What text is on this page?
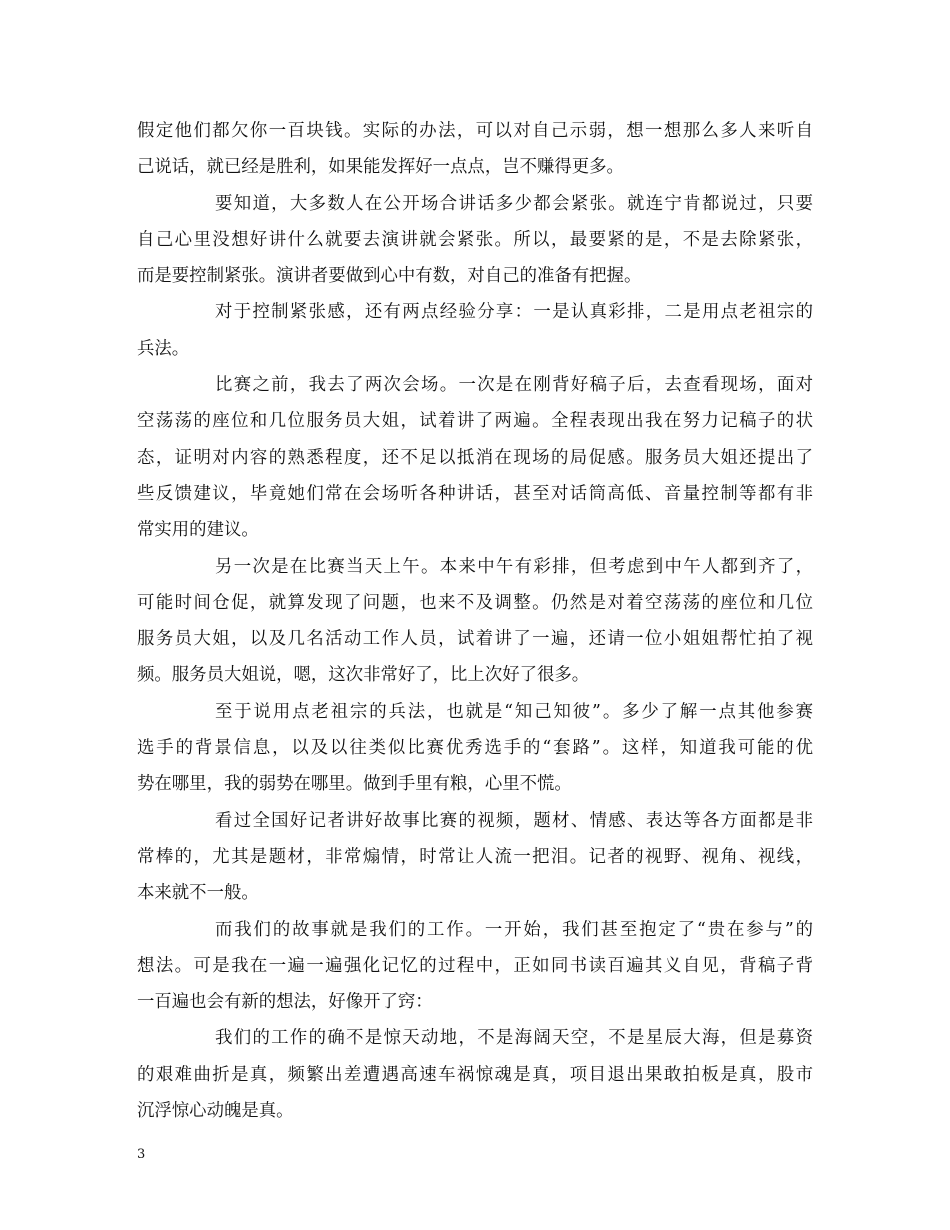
假定他们都欠你一百块钱。实际的办法，可以对自己示弱，想一想那么多人来听自
己说话，就已经是胜利，如果能发挥好一点点，岂不赚得更多。
要知道，大多数人在公开场合讲话多少都会紧张。就连宁肯都说过，只要
自己心里没想好讲什么就要去演讲就会紧张。所以，最要紧的是，不是去除紧张，
而是要控制紧张。演讲者要做到心中有数，对自己的准备有把握。
对于控制紧张感，还有两点经验分享：一是认真彩排，二是用点老祖宗的
兵法。
比赛之前，我去了两次会场。一次是在刚背好稿子后，去查看现场，面对
空荡荡的座位和几位服务员大姐，试着讲了两遍。全程表现出我在努力记稿子的状
态，证明对内容的熟悉程度，还不足以抵消在现场的局促感。服务员大姐还提出了
些反馈建议，毕竟她们常在会场听各种讲话，甚至对话筒高低、音量控制等都有非
常实用的建议。
另一次是在比赛当天上午。本来中午有彩排，但考虑到中午人都到齐了，
可能时间仓促，就算发现了问题，也来不及调整。仍然是对着空荡荡的座位和几位
服务员大姐，以及几名活动工作人员，试着讲了一遍，还请一位小姐姐帮忙拍了视
频。服务员大姐说，嗯，这次非常好了，比上次好了很多。
至于说用点老祖宗的兵法，也就是“知己知彼”。多少了解一点其他参赛
选手的背景信息，以及以往类似比赛优秀选手的“套路”。这样，知道我可能的优
势在哪里，我的弱势在哪里。做到手里有粮，心里不慌。
看过全国好记者讲好故事比赛的视频，题材、情感、表达等各方面都是非
常棒的，尤其是题材，非常煽情，时常让人流一把泪。记者的视野、视角、视线，
本来就不一般。
而我们的故事就是我们的工作。一开始，我们甚至抱定了“贵在参与”的
想法。可是我在一遍一遍强化记忆的过程中，正如同书读百遍其义自见，背稿子背
一百遍也会有新的想法，好像开了窍：
我们的工作的确不是惊天动地，不是海阔天空，不是星辰大海，但是募资
的艰难曲折是真，频繁出差遭遇高速车祸惊魂是真，项目退出果敢拍板是真，股市
沉浮惊心动魄是真。
3
